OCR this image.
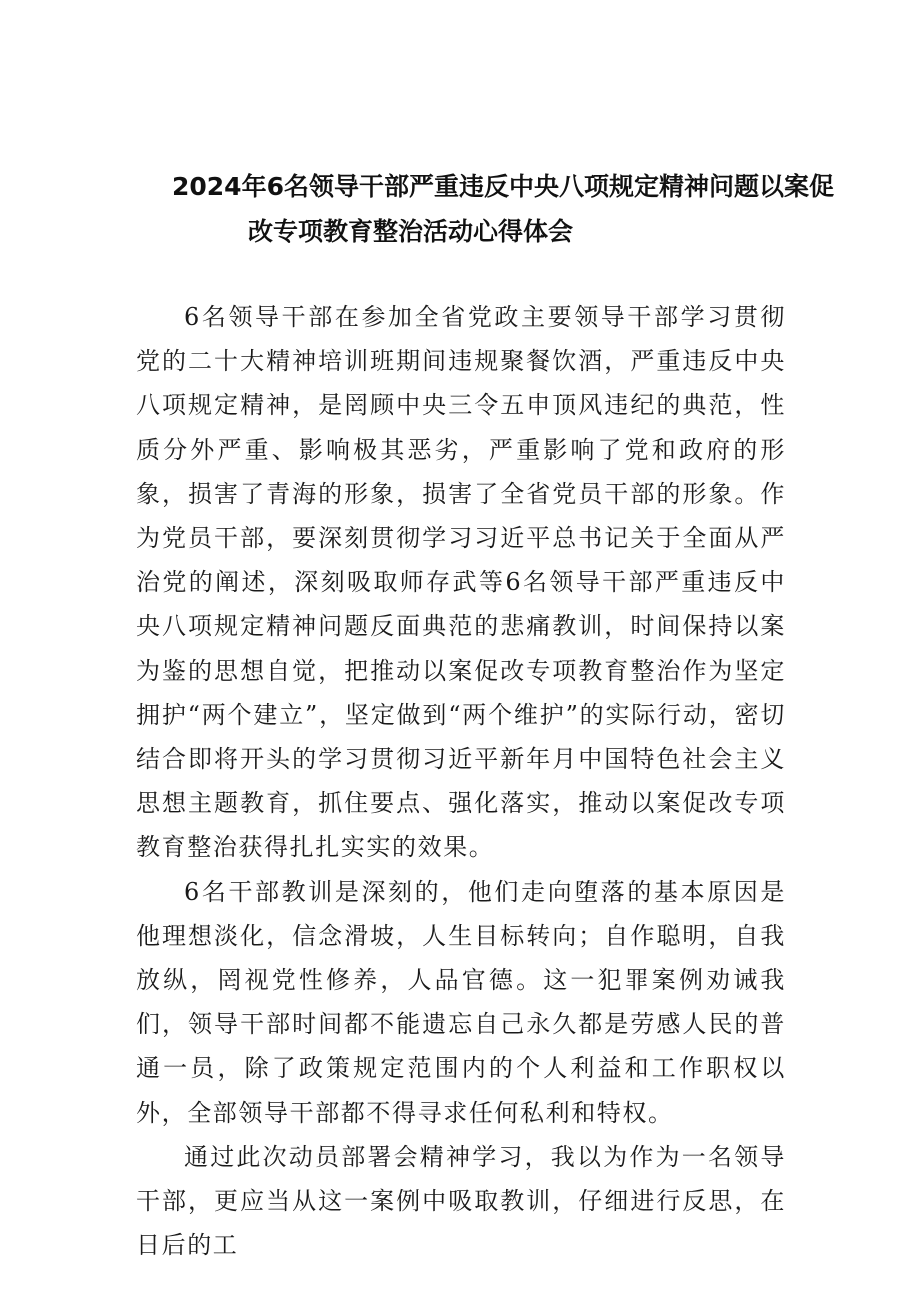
2024年6名领导干部严重违反中央八项规定精神问题以案促
改专项教育整治活动心得体会

6名领导干部在参加全省党政主要领导干部学习贯彻党的二十大精神培训班期间违规聚餐饮酒，严重违反中央八项规定精神，是罔顾中央三令五申顶风违纪的典范，性质分外严重、影响极其恶劣，严重影响了党和政府的形象，损害了青海的形象，损害了全省党员干部的形象。作为党员干部，要深刻贯彻学习习近平总书记关于全面从严治党的阐述，深刻吸取师存武等6名领导干部严重违反中央八项规定精神问题反面典范的悲痛教训，时间保持以案为鉴的思想自觉，把推动以案促改专项教育整治作为坚定拥护“两个建立”，坚定做到“两个维护”的实际行动，密切结合即将开头的学习贯彻习近平新年月中国特色社会主义思想主题教育，抓住要点、强化落实，推动以案促改专项教育整治获得扎扎实实的效果。

6名干部教训是深刻的，他们走向堕落的基本原因是他理想淡化，信念滑坡，人生目标转向；自作聪明，自我放纵，罔视党性修养，人品官德。这一犯罪案例劝诫我们，领导干部时间都不能遗忘自己永久都是劳感人民的普通一员，除了政策规定范围内的个人利益和工作职权以外，全部领导干部都不得寻求任何私利和特权。

通过此次动员部署会精神学习，我以为作为一名领导干部，更应当从这一案例中吸取教训，仔细进行反思，在日后的工
